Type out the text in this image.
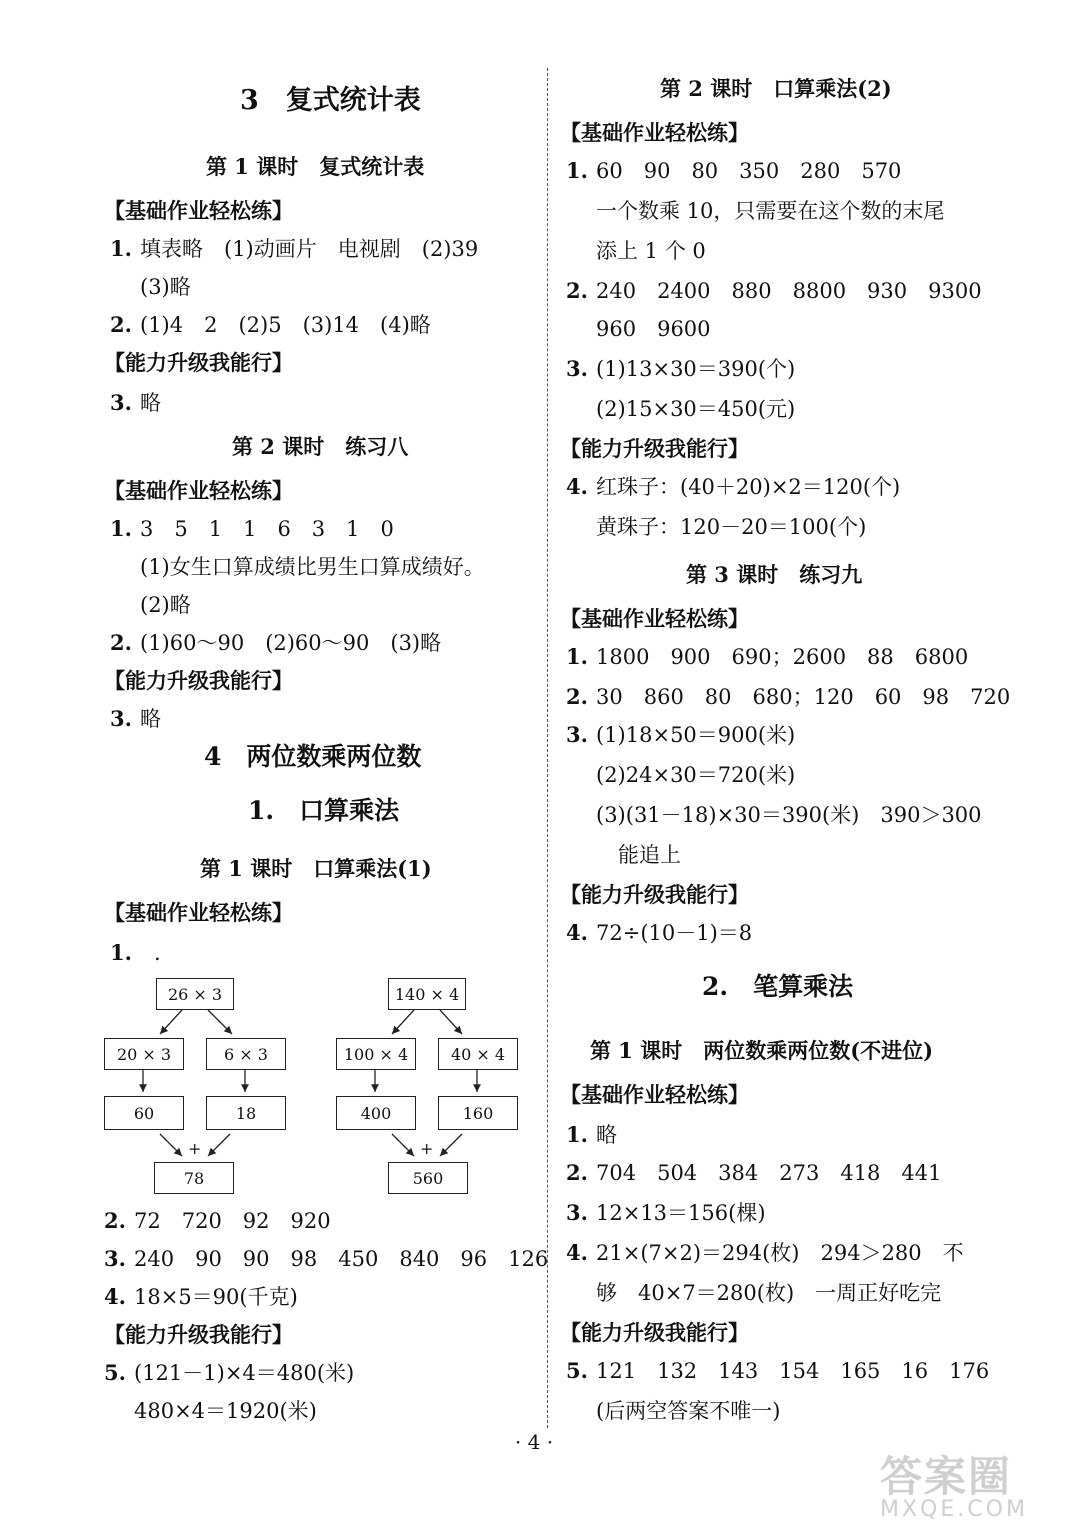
3　复式统计表
第 1 课时　复式统计表
【基础作业轻松练】
1. 填表略　(1)动画片　电视剧　(2)39
(3)略
2. (1)4　2　(2)5　(3)14　(4)略
【能力升级我能行】
3. 略
第 2 课时　练习八
【基础作业轻松练】
1. 3　5　1　1　6　3　1　0
(1)女生口算成绩比男生口算成绩好。
(2)略
2. (1)60～90　(2)60～90　(3)略
【能力升级我能行】
3. 略
4　两位数乘两位数
1.　口算乘法
第 1 课时　口算乘法(1)
【基础作业轻松练】
1. .
26 × 3
20 × 3	6 × 3
60	18
+
78
140 × 4
100 × 4	40 × 4
400	160
+
560
2. 72　720　92　920
3. 240　90　90　98　450　840　96　126
4. 18×5＝90(千克)
【能力升级我能行】
5. (121－1)×4＝480(米)
480×4＝1920(米)
第 2 课时　口算乘法(2)
【基础作业轻松练】
1. 60　90　80　350　280　570
一个数乘 10，只需要在这个数的末尾
添上 1 个 0
2. 240　2400　880　8800　930　9300
960　9600
3. (1)13×30＝390(个)
(2)15×30＝450(元)
【能力升级我能行】
4. 红珠子：(40＋20)×2＝120(个)
黄珠子：120－20＝100(个)
第 3 课时　练习九
【基础作业轻松练】
1. 1800　900　690；2600　88　6800
2. 30　860　80　680；120　60　98　720
3. (1)18×50＝900(米)
(2)24×30＝720(米)
(3)(31－18)×30＝390(米)　390＞300
能追上
【能力升级我能行】
4. 72÷(10－1)＝8
2.　笔算乘法
第 1 课时　两位数乘两位数(不进位)
【基础作业轻松练】
1. 略
2. 704　504　384　273　418　441
3. 12×13＝156(棵)
4. 21×(7×2)＝294(枚)　294＞280　不
够　40×7＝280(枚)　一周正好吃完
【能力升级我能行】
5. 121　132　143　154　165　16　176
(后两空答案不唯一)
· 4 ·
答案圈
MXQE.COM
